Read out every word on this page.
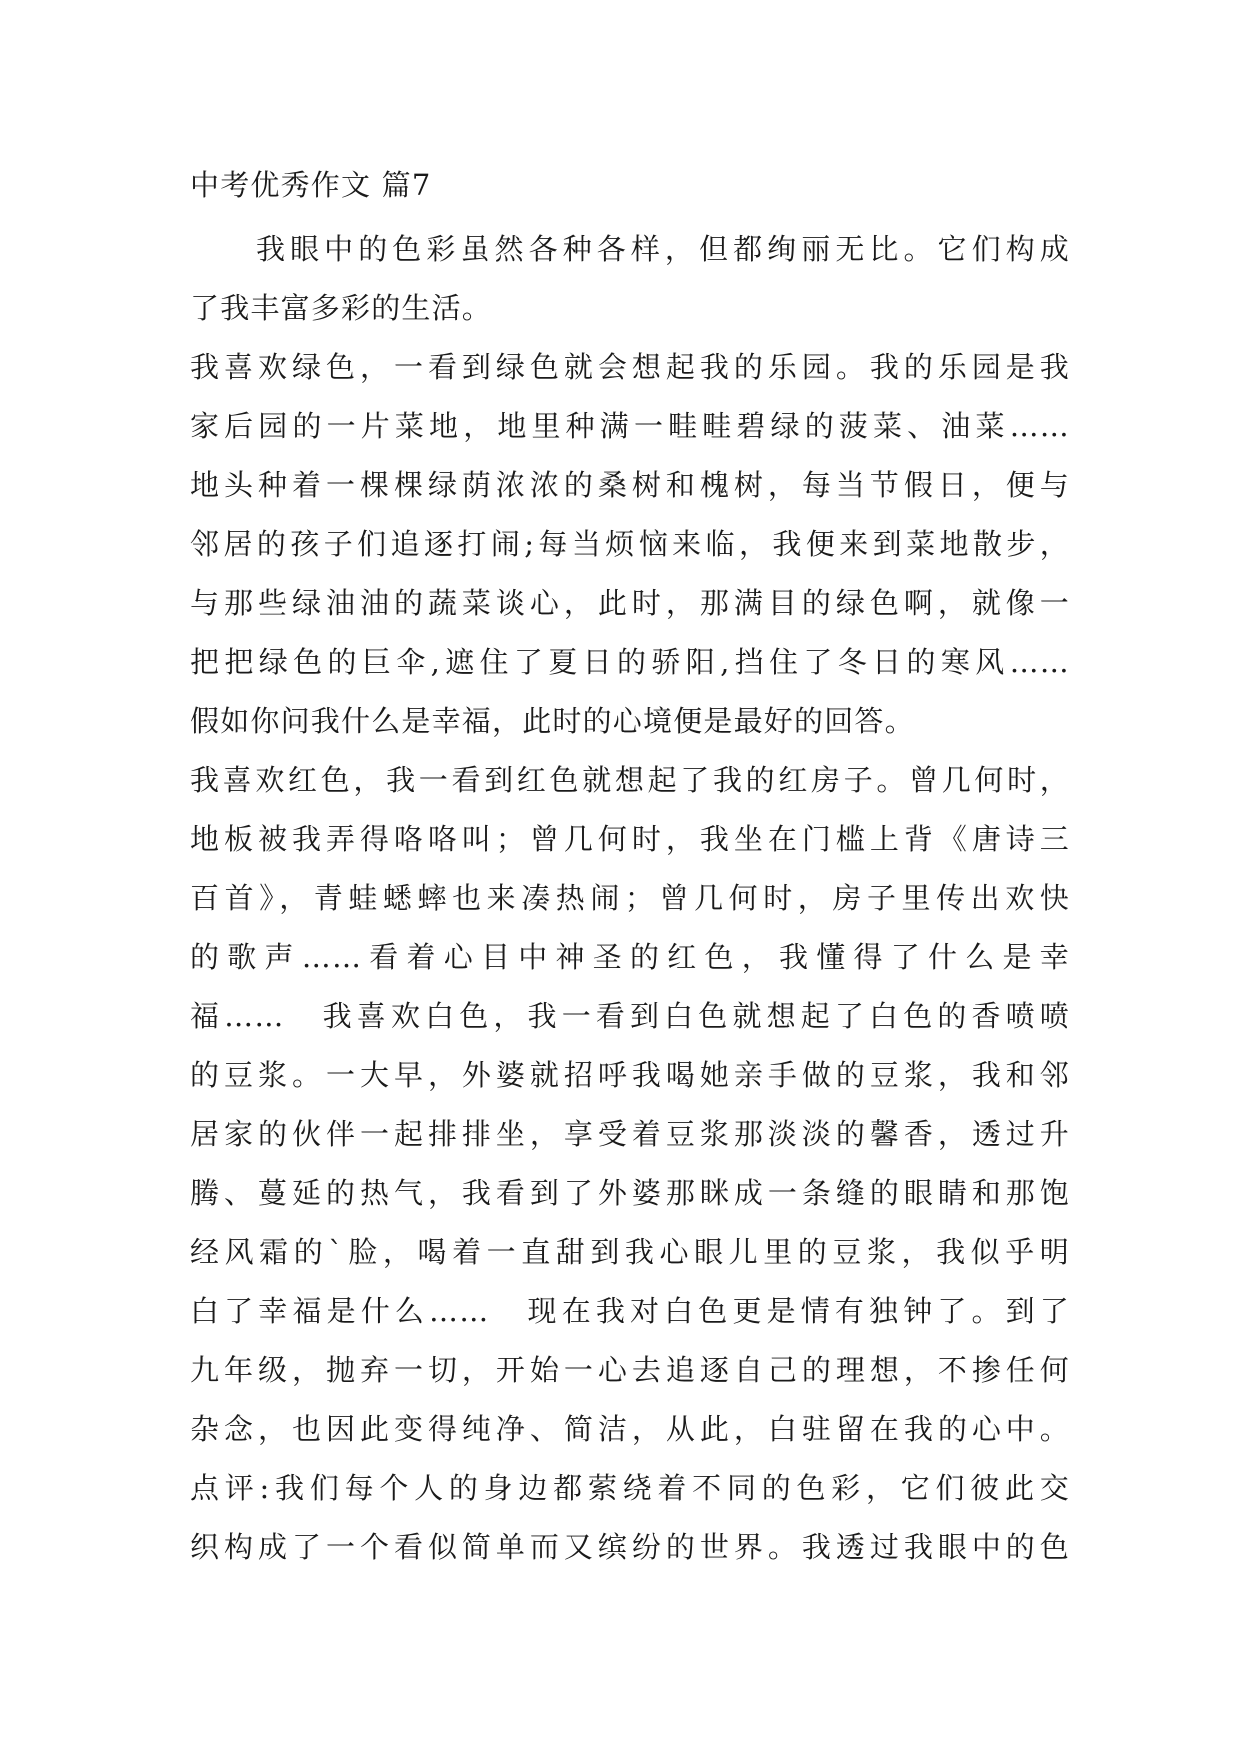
中考优秀作文 篇7
我眼中的色彩虽然各种各样，但都绚丽无比。它们构成
了我丰富多彩的生活。
我喜欢绿色，一看到绿色就会想起我的乐园。我的乐园是我
家后园的一片菜地，地里种满一畦畦碧绿的菠菜、油菜……
地头种着一棵棵绿荫浓浓的桑树和槐树，每当节假日，便与
邻居的孩子们追逐打闹;每当烦恼来临，我便来到菜地散步，
与那些绿油油的蔬菜谈心，此时，那满目的绿色啊，就像一
把把绿色的巨伞,遮住了夏日的骄阳,挡住了冬日的寒风……
假如你问我什么是幸福，此时的心境便是最好的回答。
我喜欢红色，我一看到红色就想起了我的红房子。曾几何时，
地板被我弄得咯咯叫；曾几何时，我坐在门槛上背《唐诗三
百首》，青蛙蟋蟀也来凑热闹；曾几何时，房子里传出欢快
的歌声……看着心目中神圣的红色，我懂得了什么是幸
福……　我喜欢白色，我一看到白色就想起了白色的香喷喷
的豆浆。一大早，外婆就招呼我喝她亲手做的豆浆，我和邻
居家的伙伴一起排排坐，享受着豆浆那淡淡的馨香，透过升
腾、蔓延的热气，我看到了外婆那眯成一条缝的眼睛和那饱
经风霜的`脸，喝着一直甜到我心眼儿里的豆浆，我似乎明
白了幸福是什么……　现在我对白色更是情有独钟了。到了
九年级，抛弃一切，开始一心去追逐自己的理想，不掺任何
杂念，也因此变得纯净、简洁，从此，白驻留在我的心中。
点评:我们每个人的身边都萦绕着不同的色彩，它们彼此交
织构成了一个看似简单而又缤纷的世界。我透过我眼中的色
